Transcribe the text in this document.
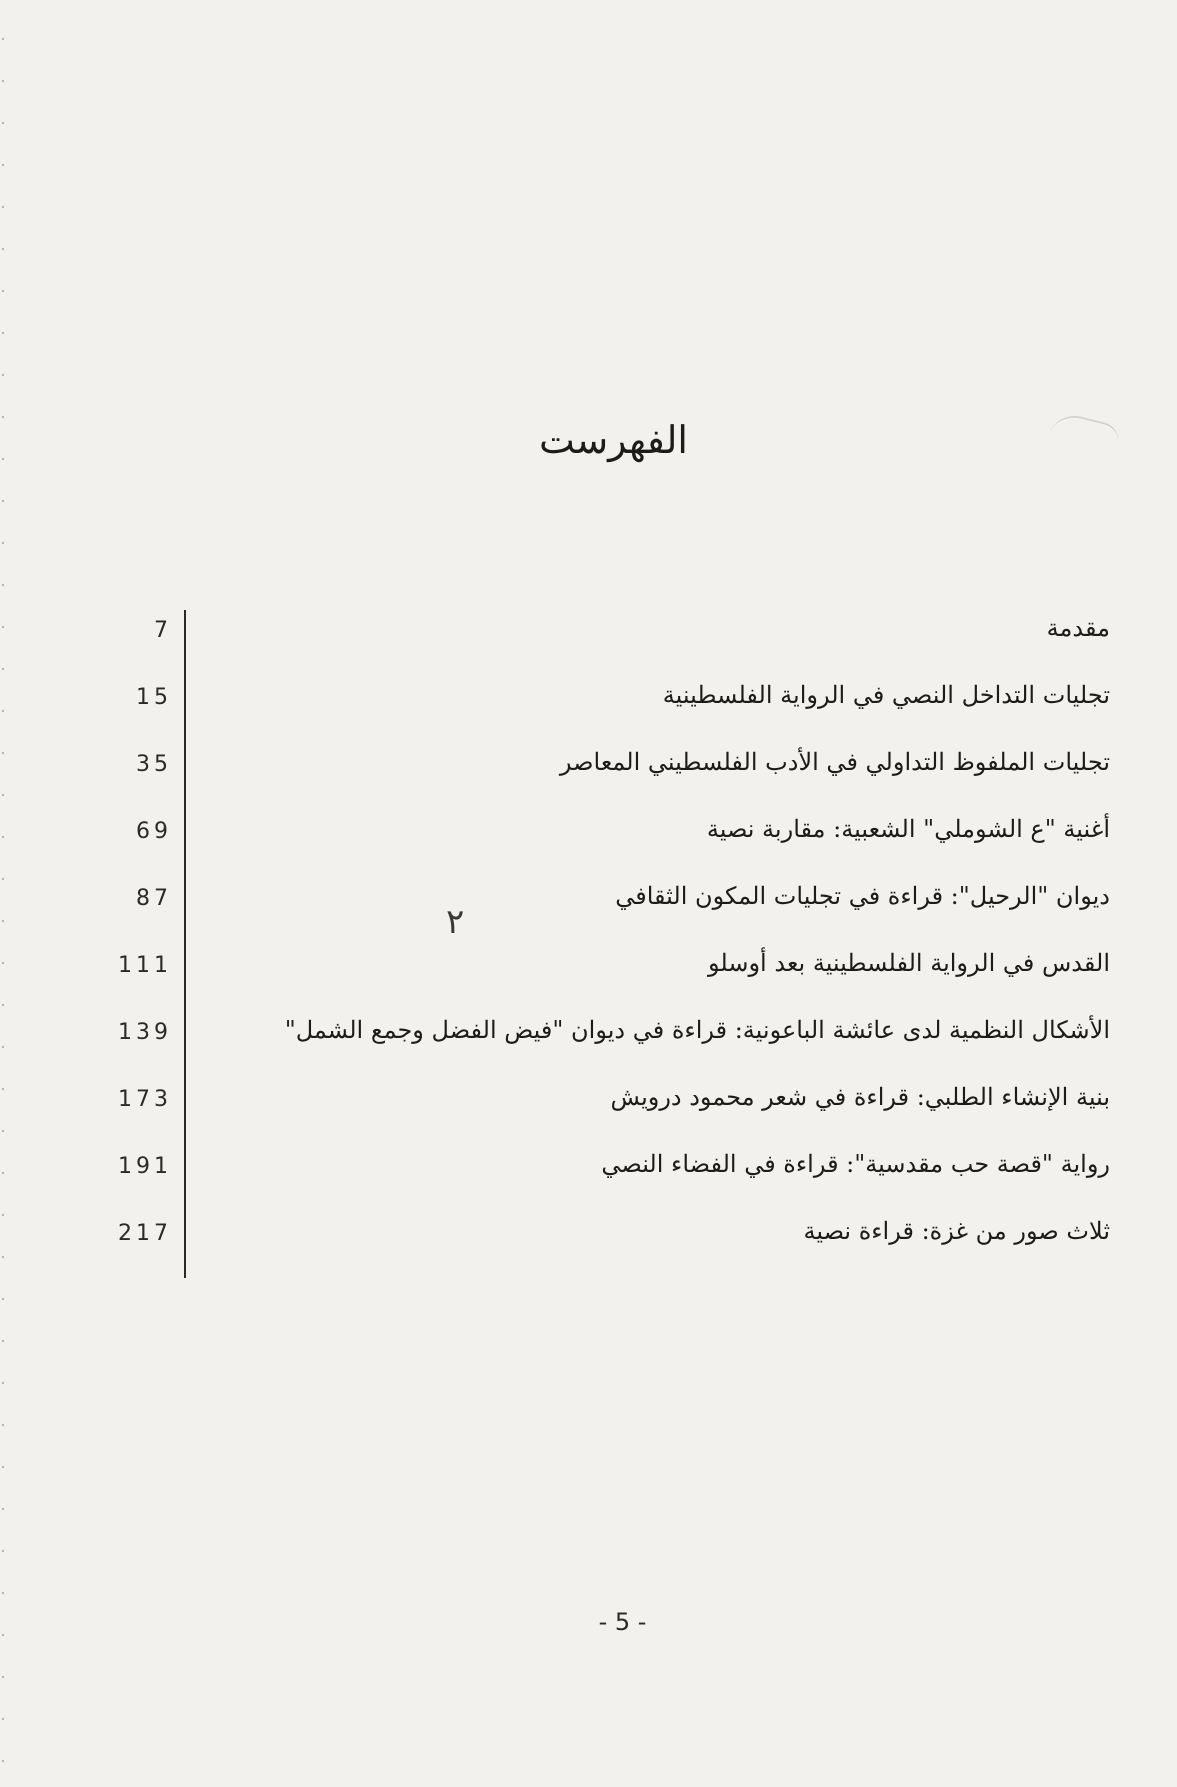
الفهرست
7	مقدمة
15	تجليات التداخل النصي في الرواية الفلسطينية
35	تجليات الملفوظ التداولي في الأدب الفلسطيني المعاصر
69	أغنية "ع الشوملي" الشعبية: مقاربة نصية
87	ديوان "الرحيل": قراءة في تجليات المكون الثقافي
111	القدس في الرواية الفلسطينية بعد أوسلو
139	الأشكال النظمية لدى عائشة الباعونية: قراءة في ديوان "فيض الفضل وجمع الشمل"
173	بنية الإنشاء الطلبي: قراءة في شعر محمود درويش
191	رواية "قصة حب مقدسية": قراءة في الفضاء النصي
217	ثلاث صور من غزة: قراءة نصية
٢
- 5 -
